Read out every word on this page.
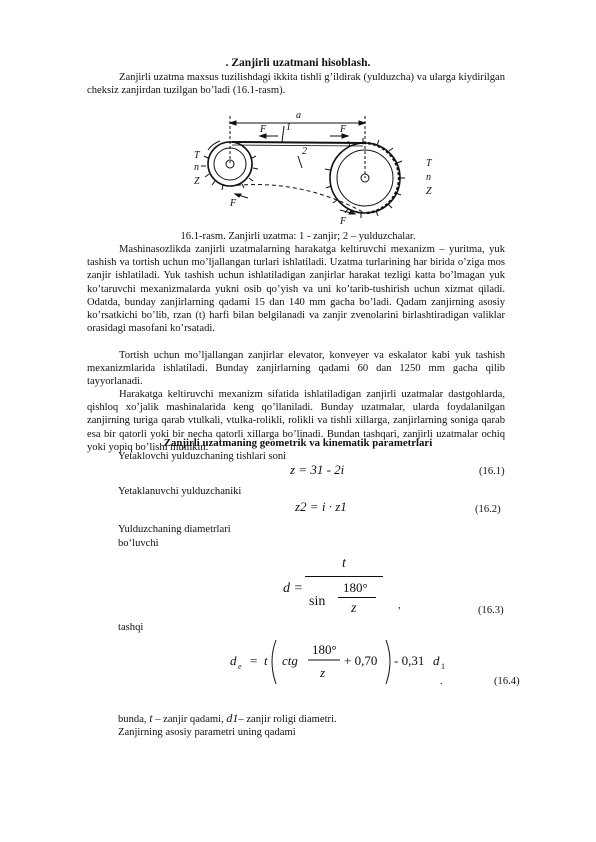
. Zanjirli uzatmani hisoblash.
Zanjirli uzatma maxsus tuzilishdagi ikkita tishli g’ildirak (yulduzcha) va ularga kiydirilgan cheksiz zanjirdan tuzilgan bo’ladi (16.1-rasm).
a
1
2
F	F
F
F
T
n
Z
T
n
Z
16.1-rasm. Zanjirli uzatma: 1 - zanjir; 2 – yulduzchalar.
Mashinasozlikda zanjirli uzatmalarning harakatga keltiruvchi mexanizm – yuritma, yuk tashish va tortish uchun mo’ljallangan turlari ishlatiladi. Uzatma turlarining har birida o’ziga mos zanjir ishlatiladi. Yuk tashish uchun ishlatiladigan zanjirlar harakat tezligi katta bo’lmagan yuk ko’taruvchi mexanizmalarda yukni osib qo’yish va uni ko’tarib-tushirish uchun xizmat qiladi. Odatda, bunday zanjirlarning qadami 15 dan 140 mm gacha bo’ladi. Qadam zanjirning asosiy ko’rsatkichi bo’lib, rzan (t) harfi bilan belgilanadi va zanjir zvenolarini birlashtiradigan valiklar orasidagi masofani ko’rsatadi.
Tortish uchun mo’ljallangan zanjirlar elevator, konveyer va eskalator kabi yuk tashish mexanizmlarida ishlatiladi. Bunday zanjirlarning qadami 60 dan 1250 mm gacha qilib tayyorlanadi.
Harakatga keltiruvchi mexanizm sifatida ishlatiladigan zanjirli uzatmalar dastgohlarda, qishloq xo’jalik mashinalarida keng qo’llaniladi. Bunday uzatmalar, ularda foydalanilgan zanjirning turiga qarab vtulkali, vtulka-rolikli, rolikli va tishli xillarga, zanjirlarning soniga qarab esa bir qatorli yoki bir necha qatorli xillarga bo’linadi. Bundan tashqari, zanjirli uzatmalar ochiq yoki yopiq bo’lishi mumkin.
Zanjirli uzatmaning geometrik va kinematik parametrlari
Yetaklovchi yulduzchaning tishlari soni
z = 31 - 2i	(16.1)
Yetaklanuvchi yulduzchaniki
z2 = i · z1	(16.2)
Yulduzchaning diametrlari
bo‘luvchi
d =
t
sin
180°
z	,	(16.3)
tashqi
d e = t ctg
180°
z
+ 0,70 - 0,31 d 1
.	(16.4)
bunda, t – zanjir qadami, d1– zanjir roligi diametri.
Zanjirning asosiy parametri uning qadami
